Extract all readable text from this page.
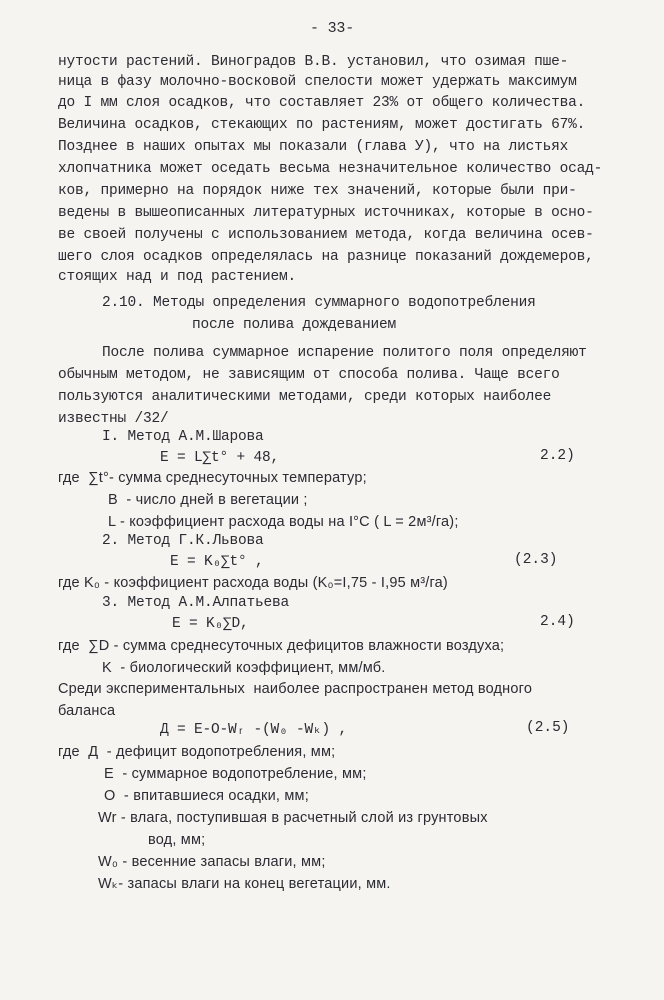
- 33-
нутости растений. Виноградов В.В. установил, что озимая пше-
ница в фазу молочно-восковой спелости может удержать максимум
до I мм слоя осадков, что составляет 23% от общего количества.
Величина осадков, стекающих по растениям, может достигать 67%.
Позднее в наших опытах мы показали (глава У), что на листьях
хлопчатника может оседать весьма незначительное количество осад-
ков, примерно на порядок ниже тех значений, которые были при-
ведены в вышеописанных литературных источниках, которые в осно-
ве своей получены с использованием метода, когда величина осев-
шего слоя осадков определялась на разнице показаний дождемеров,
стоящих над и под растением.
2.10. Методы определения суммарного водопотребления
после полива дождеванием
После полива суммарное испарение политого поля определяют
обычным методом, не зависящим от способа полива. Чаще всего
пользуются аналитическими методами, среди которых наиболее
известны /32/
I. Метод А.М.Шарова
E = L∑t° + 48,	2.2)
где  ∑t°- сумма среднесуточных температур;
В  - число дней в вегетации ;
L - коэффициент расхода воды на I°C ( L = 2м³/га);
2. Метод Г.К.Львова
E = K₀∑t° ,	(2.3)
где K₀ - коэффициент расхода воды (K₀=I,75 - I,95 м³/га)
3. Метод А.М.Алпатьева
E = K₀∑D,	2.4)
где  ∑D - сумма среднесуточных дефицитов влажности воздуха;
K  - биологический коэффициент, мм/мб.
Среди экспериментальных  наиболее распространен метод водного
баланса
Д = E-O-Wᵣ -(W₀ -Wₖ) ,	(2.5)
где  Д  - дефицит водопотребления, мм;
Е  - суммарное водопотребление, мм;
О  - впитавшиеся осадки, мм;
Wr - влага, поступившая в расчетный слой из грунтовых
вод, мм;
W₀ - весенние запасы влаги, мм;
Wₖ- запасы влаги на конец вегетации, мм.
